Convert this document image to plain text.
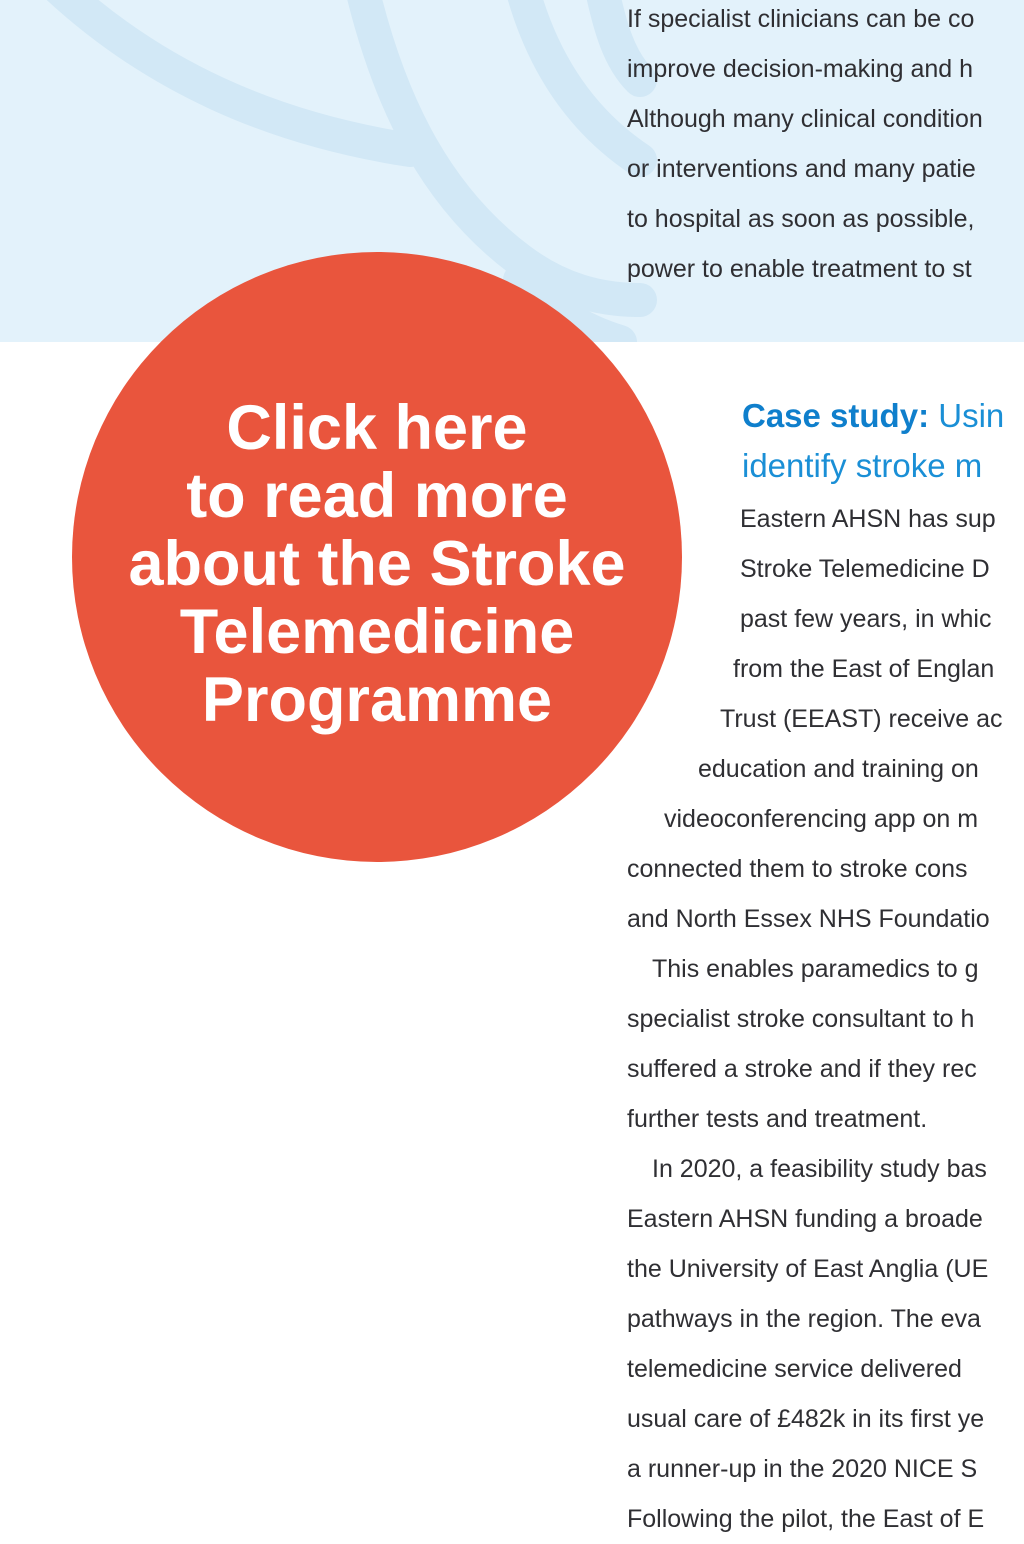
If specialist clinicians can be co
improve decision-making and h
Although many clinical condition
or interventions and many patie
to hospital as soon as possible,
power to enable treatment to st
Click here
to read more
about the Stroke
Telemedicine
Programme
Case study: Usin
identify stroke m
Eastern AHSN has sup
Stroke Telemedicine D
past few years, in whic
from the East of Englan
Trust (EEAST) receive ac
education and training on
videoconferencing app on m
connected them to stroke cons
and North Essex NHS Foundatio
This enables paramedics to g
specialist stroke consultant to h
suffered a stroke and if they rec
further tests and treatment.
In 2020, a feasibility study bas
Eastern AHSN funding a broade
the University of East Anglia (UE
pathways in the region. The eva
telemedicine service delivered
usual care of £482k in its first ye
a runner-up in the 2020 NICE S
Following the pilot, the East of E
